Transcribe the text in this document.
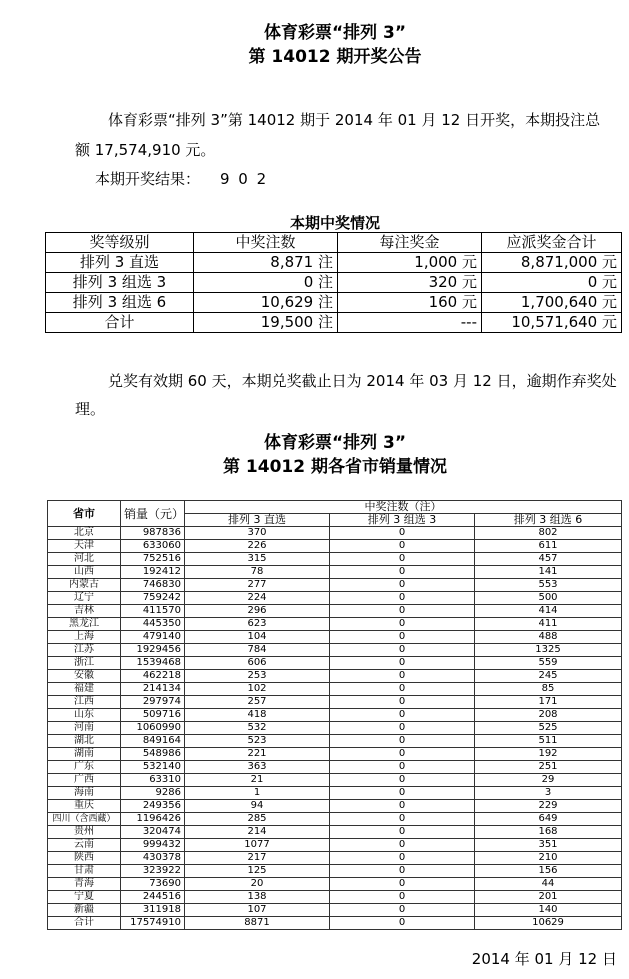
体育彩票“排列 3”
第 14012 期开奖公告
体育彩票“排列 3”第 14012 期于 2014 年 01 月 12 日开奖，本期投注总
额 17,574,910 元。
本期开奖结果： 9 0 2
本期中奖情况
奖等级别	中奖注数	每注奖金	应派奖金合计
排列 3 直选	8,871 注	1,000 元	8,871,000 元
排列 3 组选 3	0 注	320 元	0 元
排列 3 组选 6	10,629 注	160 元	1,700,640 元
合计	19,500 注	---	10,571,640 元
兑奖有效期 60 天，本期兑奖截止日为 2014 年 03 月 12 日，逾期作弃奖处
理。
体育彩票“排列 3”
第 14012 期各省市销量情况
省市	销量（元）	中奖注数（注）		
		排列 3 直选	排列 3 组选 3	排列 3 组选 6
北京	987836	370	0	802
天津	633060	226	0	611
河北	752516	315	0	457
山西	192412	78	0	141
内蒙古	746830	277	0	553
辽宁	759242	224	0	500
吉林	411570	296	0	414
黑龙江	445350	623	0	411
上海	479140	104	0	488
江苏	1929456	784	0	1325
浙江	1539468	606	0	559
安徽	462218	253	0	245
福建	214134	102	0	85
江西	297974	257	0	171
山东	509716	418	0	208
河南	1060990	532	0	525
湖北	849164	523	0	511
湖南	548986	221	0	192
广东	532140	363	0	251
广西	63310	21	0	29
海南	9286	1	0	3
重庆	249356	94	0	229
四川（含西藏）	1196426	285	0	649
贵州	320474	214	0	168
云南	999432	1077	0	351
陕西	430378	217	0	210
甘肃	323922	125	0	156
青海	73690	20	0	44
宁夏	244516	138	0	201
新疆	311918	107	0	140
合计	17574910	8871	0	10629
2014 年 01 月 12 日
